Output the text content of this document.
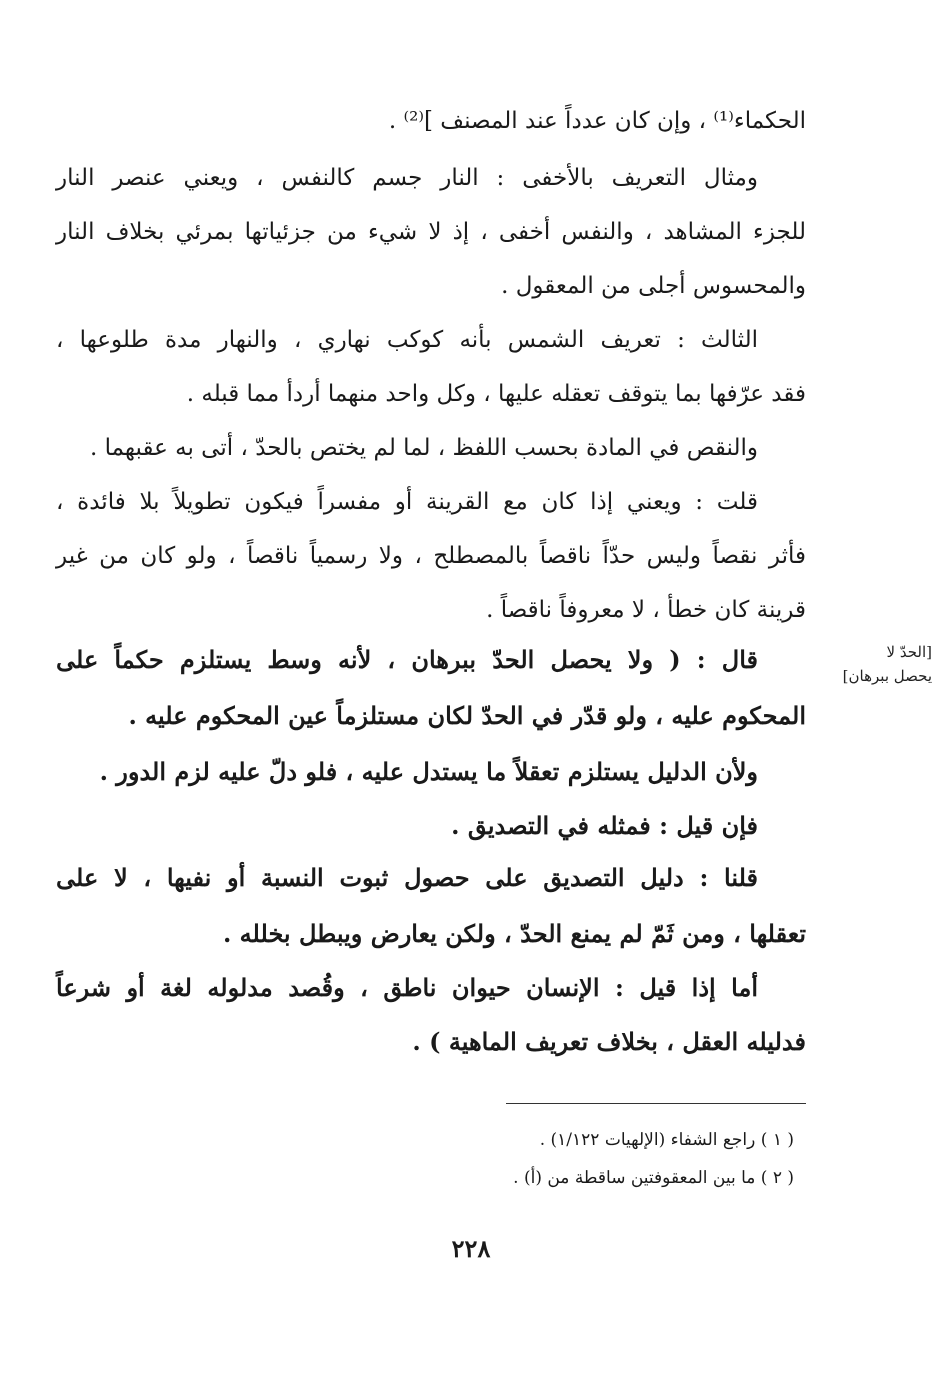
الحكماء⁽¹⁾ ، وإن كان عدداً عند المصنف ]⁽²⁾ .
ومثال التعريف بالأخفى : النار جسم كالنفس ، ويعني عنصر النار
للجزء المشاهد ، والنفس أخفى ، إذ لا شيء من جزئياتها بمرئي بخلاف النار
والمحسوس أجلى من المعقول .
الثالث : تعريف الشمس بأنه كوكب نهاري ، والنهار مدة طلوعها ،
فقد عرّفها بما يتوقف تعقله عليها ، وكل واحد منهما أردأ مما قبله .
والنقص في المادة بحسب اللفظ ، لما لم يختص بالحدّ ، أتى به عقبهما .
قلت : ويعني إذا كان مع القرينة أو مفسراً فيكون تطويلاً بلا فائدة ،
فأثر نقصاً وليس حدّاً ناقصاً بالمصطلح ، ولا رسمياً ناقصاً ، ولو كان من غير
قرينة كان خطأ ، لا معروفاً ناقصاً .
قال : ( ولا يحصل الحدّ ببرهان ، لأنه وسط يستلزم حكماً على
المحكوم عليه ، ولو قدّر في الحدّ لكان مستلزماً عين المحكوم عليه .
ولأن الدليل يستلزم تعقلاً ما يستدل عليه ، فلو دلّ عليه لزم الدور .
فإن قيل : فمثله في التصديق .
قلنا : دليل التصديق على حصول ثبوت النسبة أو نفيها ، لا على
تعقلها ، ومن ثَمّ لم يمنع الحدّ ، ولكن يعارض ويبطل بخلله .
أما إذا قيل : الإنسان حيوان ناطق ، وقُصد مدلوله لغة أو شرعاً
فدليله العقل ، بخلاف تعريف الماهية ) .
[الحدّ لا
يحصل ببرهان]
( ١ ) راجع الشفاء (الإلهيات ١/١٢٢) .
( ٢ ) ما بين المعقوفتين ساقطة من (أ) .
٢٢٨
